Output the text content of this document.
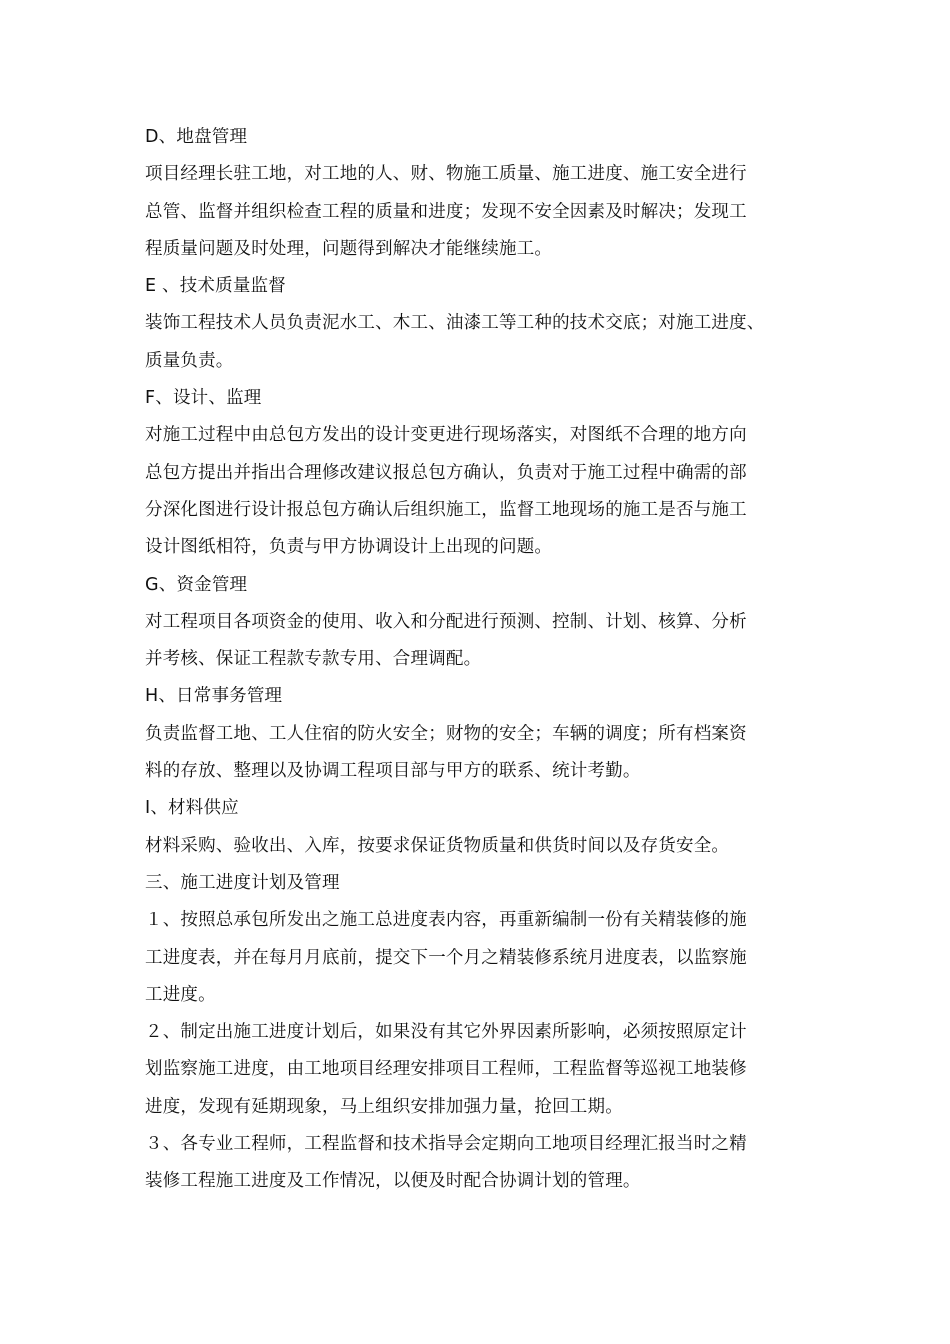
D、地盘管理
项目经理长驻工地，对工地的人、财、物施工质量、施工进度、施工安全进行
总管、监督并组织检查工程的质量和进度；发现不安全因素及时解决；发现工
程质量问题及时处理，问题得到解决才能继续施工。
E 、技术质量监督
装饰工程技术人员负责泥水工、木工、油漆工等工种的技术交底；对施工进度、
质量负责。
F、设计、监理
对施工过程中由总包方发出的设计变更进行现场落实，对图纸不合理的地方向
总包方提出并指出合理修改建议报总包方确认，负责对于施工过程中确需的部
分深化图进行设计报总包方确认后组织施工，监督工地现场的施工是否与施工
设计图纸相符，负责与甲方协调设计上出现的问题。
G、资金管理
对工程项目各项资金的使用、收入和分配进行预测、控制、计划、核算、分析
并考核、保证工程款专款专用、合理调配。
H、日常事务管理
负责监督工地、工人住宿的防火安全；财物的安全；车辆的调度；所有档案资
料的存放、整理以及协调工程项目部与甲方的联系、统计考勤。
I、材料供应
材料采购、验收出、入库，按要求保证货物质量和供货时间以及存货安全。
三、施工进度计划及管理
１、按照总承包所发出之施工总进度表内容，再重新编制一份有关精装修的施
工进度表，并在每月月底前，提交下一个月之精装修系统月进度表，以监察施
工进度。
２、制定出施工进度计划后，如果没有其它外界因素所影响，必须按照原定计
划监察施工进度，由工地项目经理安排项目工程师，工程监督等巡视工地装修
进度，发现有延期现象，马上组织安排加强力量，抢回工期。
３、各专业工程师，工程监督和技术指导会定期向工地项目经理汇报当时之精
装修工程施工进度及工作情况，以便及时配合协调计划的管理。
